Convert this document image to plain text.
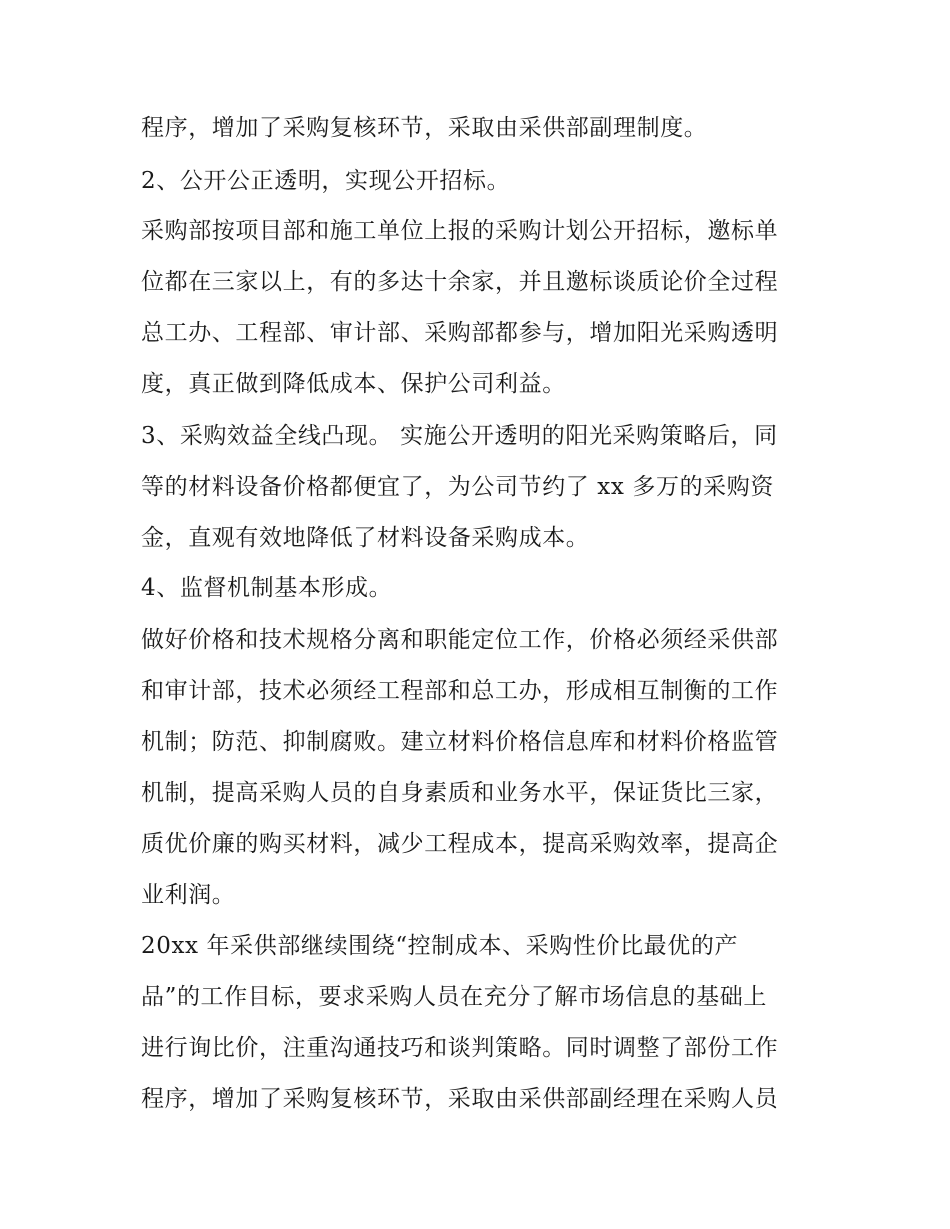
程序，增加了采购复核环节，采取由采供部副理制度。
2、公开公正透明，实现公开招标。
采购部按项目部和施工单位上报的采购计划公开招标，邀标单
位都在三家以上，有的多达十余家，并且邀标谈质论价全过程
总工办、工程部、审计部、采购部都参与，增加阳光采购透明
度，真正做到降低成本、保护公司利益。
3、采购效益全线凸现。 实施公开透明的阳光采购策略后，同
等的材料设备价格都便宜了，为公司节约了 xx 多万的采购资
金，直观有效地降低了材料设备采购成本。
4、监督机制基本形成。
做好价格和技术规格分离和职能定位工作，价格必须经采供部
和审计部，技术必须经工程部和总工办，形成相互制衡的工作
机制；防范、抑制腐败。建立材料价格信息库和材料价格监管
机制，提高采购人员的自身素质和业务水平，保证货比三家，
质优价廉的购买材料，减少工程成本，提高采购效率，提高企
业利润。
20xx 年采供部继续围绕“控制成本、采购性价比最优的产
品”的工作目标，要求采购人员在充分了解市场信息的基础上
进行询比价，注重沟通技巧和谈判策略。同时调整了部份工作
程序，增加了采购复核环节，采取由采供部副经理在采购人员
